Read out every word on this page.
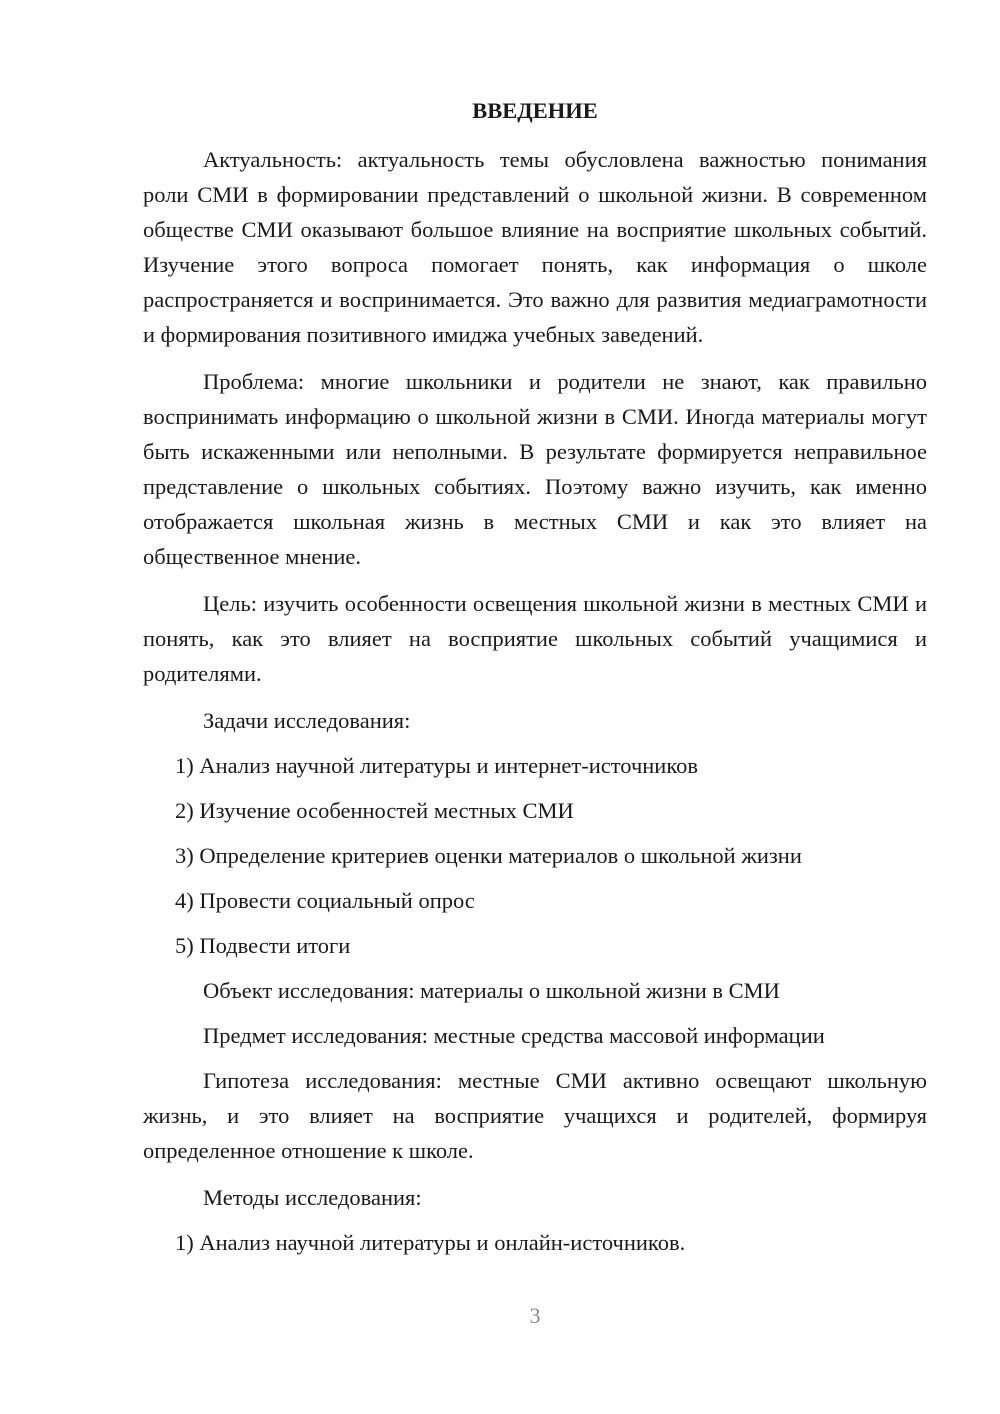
ВВЕДЕНИЕ

Актуальность: актуальность темы обусловлена важностью понимания роли СМИ в формировании представлений о школьной жизни. В современном обществе СМИ оказывают большое влияние на восприятие школьных событий. Изучение этого вопроса помогает понять, как информация о школе распространяется и воспринимается. Это важно для развития медиаграмотности и формирования позитивного имиджа учебных заведений.

Проблема: многие школьники и родители не знают, как правильно воспринимать информацию о школьной жизни в СМИ. Иногда материалы могут быть искаженными или неполными. В результате формируется неправильное представление о школьных событиях. Поэтому важно изучить, как именно отображается школьная жизнь в местных СМИ и как это влияет на общественное мнение.

Цель: изучить особенности освещения школьной жизни в местных СМИ и понять, как это влияет на восприятие школьных событий учащимися и родителями.

Задачи исследования:
1) Анализ научной литературы и интернет-источников
2) Изучение особенностей местных СМИ
3) Определение критериев оценки материалов о школьной жизни
4) Провести социальный опрос
5) Подвести итоги
Объект исследования: материалы о школьной жизни в СМИ
Предмет исследования: местные средства массовой информации

Гипотеза исследования: местные СМИ активно освещают школьную жизнь, и это влияет на восприятие учащихся и родителей, формируя определенное отношение к школе.

Методы исследования:
1) Анализ научной литературы и онлайн-источников.
3
